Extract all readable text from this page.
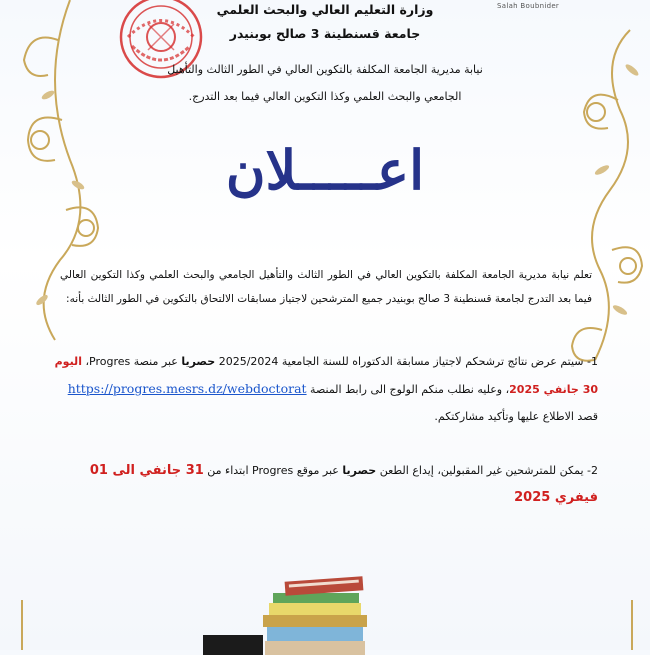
Salah Boubnider
وزارة التعليم العالي والبحث العلمي
جامعة قسنطينة 3 صالح بوبنيدر
نيابة مديرية الجامعة المكلفة بالتكوين العالي في الطور الثالث والتأهيل
الجامعي والبحث العلمي وكذا التكوين العالي فيما بعد التدرج.
اعـــــلان
تعلم نيابة مديرية الجامعة المكلفة بالتكوين العالي في الطور الثالث والتأهيل الجامعي والبحث العلمي وكذا التكوين العالي فيما بعد التدرج لجامعة قسنطينة 3 صالح بوبنيدر جميع المترشحين لاجتياز مسابقات الالتحاق بالتكوين في الطور الثالث بأنه:
1- سيتم عرض نتائج ترشحكم لاجتياز مسابقة الدكتوراه للسنة الجامعية 2025/2024 حصريا عبر منصة Progres، اليوم 30 جانفي 2025، وعليه نطلب منكم الولوج الى رابط المنصة https://progres.mesrs.dz/webdoctorat قصد الاطلاع عليها وتأكيد مشاركتكم.
2- يمكن للمترشحين غير المقبولين، إيداع الطعن حصريا عبر موقع Progres ابتداء من 31 جانفي الى 01 فيفري 2025
